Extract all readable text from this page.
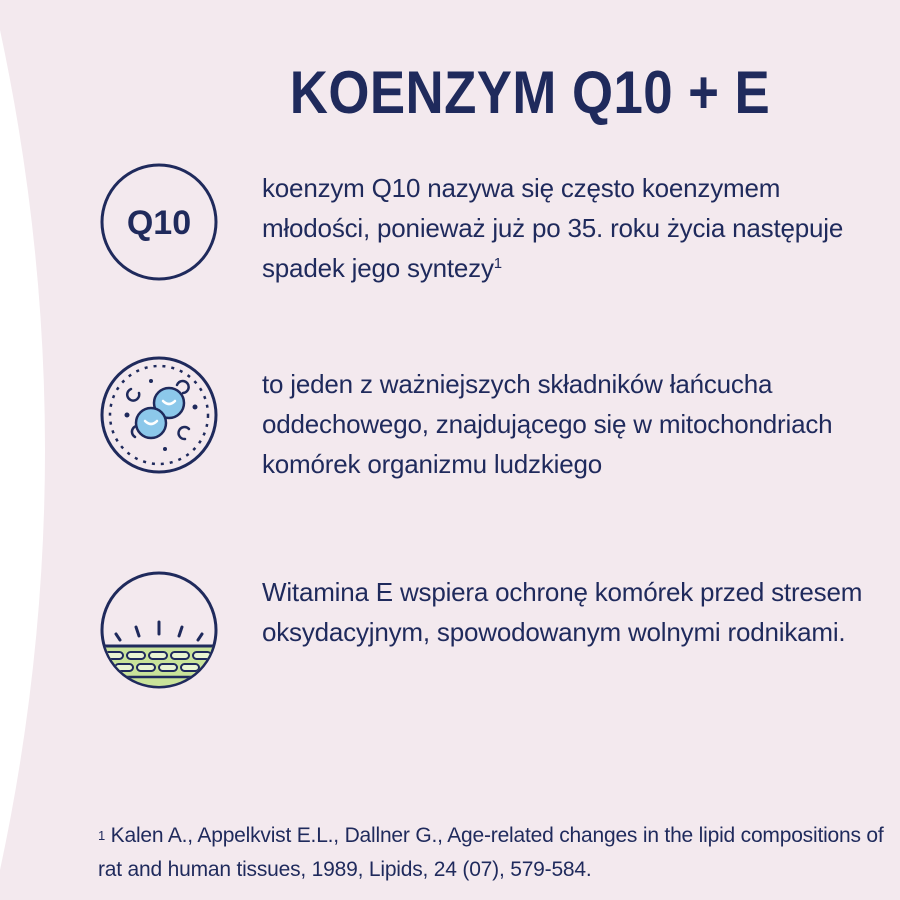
KOENZYM Q10 + E
Q10

koenzym Q10 nazywa się często koenzymem młodości, ponieważ już po 35. roku życia następuje spadek jego syntezy$^1$

to jeden z ważniejszych składników łańcucha oddechowego, znajdującego się w mitochondriach komórek organizmu ludzkiego

Witamina E wspiera ochronę komórek przed stresem oksydacyjnym, spowodowanym wolnymi rodnikami.

$^1$ Kalen A., Appelkvist E.L., Dallner G., Age-related changes in the lipid compositions of rat and human tissues, 1989, Lipids, 24 (07), 579-584.
